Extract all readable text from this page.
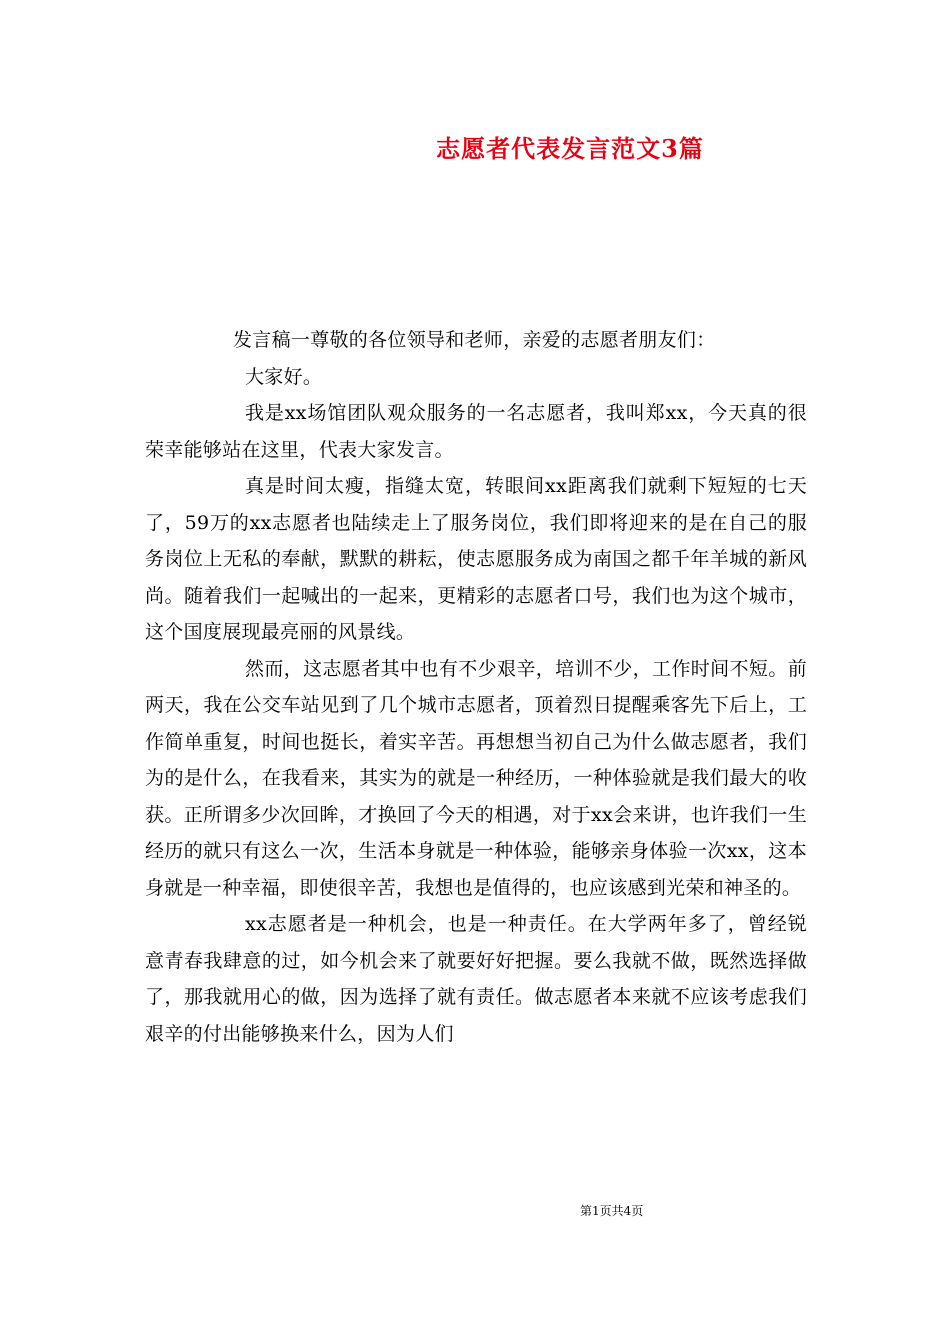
志愿者代表发言范文3篇

发言稿一尊敬的各位领导和老师，亲爱的志愿者朋友们：

大家好。

我是xx场馆团队观众服务的一名志愿者，我叫郑xx，今天真的很荣幸能够站在这里，代表大家发言。

真是时间太瘦，指缝太宽，转眼间xx距离我们就剩下短短的七天了，59万的xx志愿者也陆续走上了服务岗位，我们即将迎来的是在自己的服务岗位上无私的奉献，默默的耕耘，使志愿服务成为南国之都千年羊城的新风尚。随着我们一起喊出的一起来，更精彩的志愿者口号，我们也为这个城市，这个国度展现最亮丽的风景线。

然而，这志愿者其中也有不少艰辛，培训不少，工作时间不短。前两天，我在公交车站见到了几个城市志愿者，顶着烈日提醒乘客先下后上，工作简单重复，时间也挺长，着实辛苦。再想想当初自己为什么做志愿者，我们为的是什么，在我看来，其实为的就是一种经历，一种体验就是我们最大的收获。正所谓多少次回眸，才换回了今天的相遇，对于xx会来讲，也许我们一生经历的就只有这么一次，生活本身就是一种体验，能够亲身体验一次xx，这本身就是一种幸福，即使很辛苦，我想也是值得的，也应该感到光荣和神圣的。

xx志愿者是一种机会，也是一种责任。在大学两年多了，曾经锐意青春我肆意的过，如今机会来了就要好好把握。要么我就不做，既然选择做了，那我就用心的做，因为选择了就有责任。做志愿者本来就不应该考虑我们艰辛的付出能够换来什么，因为人们

第1页共4页
